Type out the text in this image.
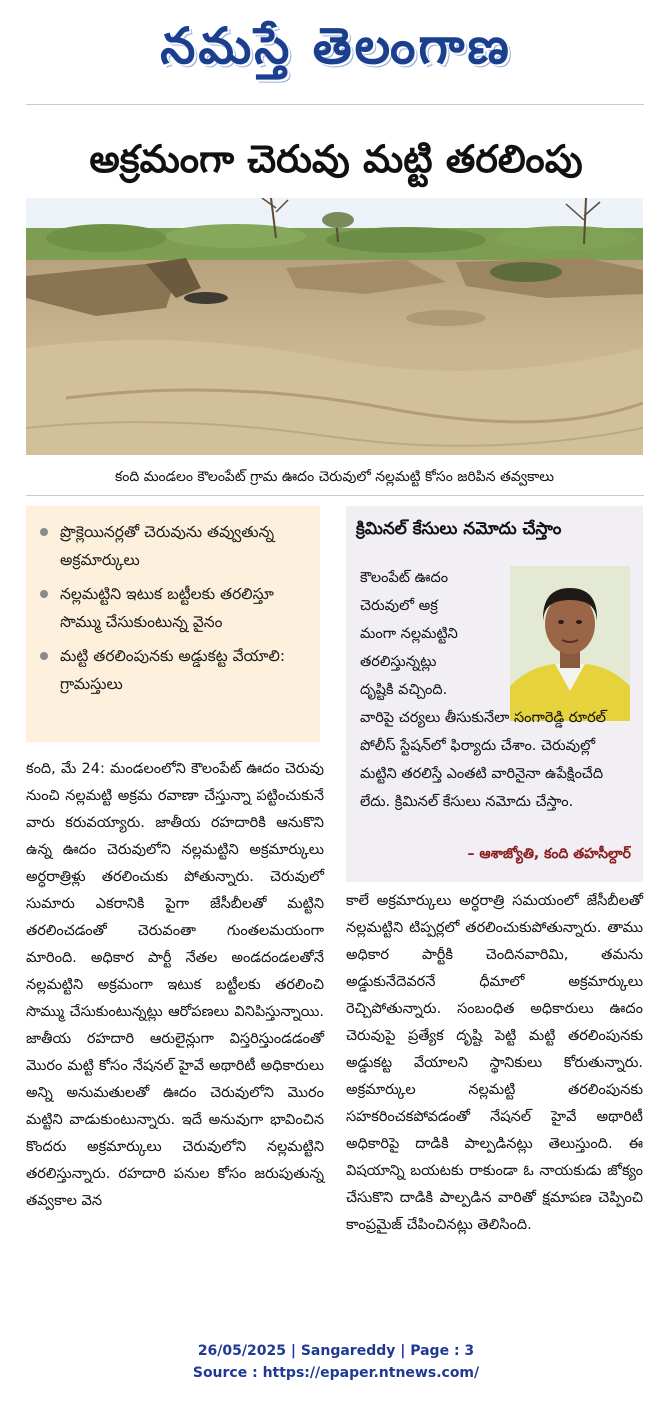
నమస్తే తెలంగాణ
అక్రమంగా చెరువు మట్టి తరలింపు
కంది మండలం కౌలంపేట్ గ్రామ ఊదం చెరువులో నల్లమట్టి కోసం జరిపిన తవ్వకాలు
ప్రొక్లెయినర్లతో చెరువును తవ్వుతున్న అక్రమార్కులు
నల్లమట్టిని ఇటుక బట్టీలకు తరలిస్తూ సొమ్ము చేసుకుంటున్న వైనం
మట్టి తరలింపునకు అడ్డుకట్ట వేయాలి: గ్రామస్తులు
క్రిమినల్ కేసులు నమోదు చేస్తాం

కౌలంపేట్ ఊదం

చెరువులో అక్ర

మంగా నల్లమట్టిని

తరలిస్తున్నట్లు

దృష్టికి వచ్చింది.

వారిపై చర్యలు తీసుకునేలా సంగారెడ్డి రూరల్ పోలీస్ స్టేషన్‌లో ఫిర్యాదు చేశాం. చెరువుల్లో మట్టిని తరలిస్తే ఎంతటి వారినైనా ఉపేక్షించేది లేదు. క్రిమినల్ కేసులు నమోదు చేస్తాం.

– ఆశాజ్యోతి, కంది తహసీల్దార్

కంది, మే 24: మండలంలోని కౌలంపేట్ ఊదం చెరువు నుంచి నల్లమట్టి అక్రమ రవాణా చేస్తున్నా పట్టించుకునే వారు కరువయ్యారు. జాతీయ రహదారికి ఆనుకొని ఉన్న ఊదం చెరువులోని నల్లమట్టిని అక్రమార్కులు అర్ధరాత్రిళ్లు తరలించుకు పోతున్నారు. చెరువులో సుమారు ఎకరానికి పైగా జేసీబీలతో మట్టిని తరలించడంతో చెరువంతా గుంతలమయంగా మారింది. అధికార పార్టీ నేతల అండదండలతోనే నల్లమట్టిని అక్రమంగా ఇటుక బట్టీలకు తరలించి సొమ్ము చేసుకుంటున్నట్లు ఆరోపణలు వినిపిస్తున్నాయి. జాతీయ రహదారి ఆరులైన్లుగా విస్తరిస్తుండడంతో మొరం మట్టి కోసం నేషనల్ హైవే అథారిటీ అధికారులు అన్ని అనుమతులతో ఊదం చెరువులోని మొరం మట్టిని వాడుకుంటున్నారు. ఇదే అనువుగా భావించిన కొందరు అక్రమార్కులు చెరువులోని నల్లమట్టిని తరలిస్తున్నారు. రహదారి పనుల కోసం జరుపుతున్న తవ్వకాల వెన

కాలే అక్రమార్కులు అర్ధరాత్రి సమయంలో జేసీబీలతో నల్లమట్టిని టిప్పర్లలో తరలించుకుపోతున్నారు. తాము అధికార పార్టీకి చెందినవారిమి, తమను అడ్డుకునేదెవరనే ధీమాలో అక్రమార్కులు రెచ్చిపోతున్నారు. సంబంధిత అధికారులు ఊదం చెరువుపై ప్రత్యేక దృష్టి పెట్టి మట్టి తరలింపునకు అడ్డుకట్ట వేయాలని స్థానికులు కోరుతున్నారు. అక్రమార్కుల నల్లమట్టి తరలింపునకు సహకరించకపోవడంతో నేషనల్ హైవే అథారిటీ అధికారిపై దాడికి పాల్పడినట్లు తెలుస్తుంది. ఈ విషయాన్ని బయటకు రాకుండా ఓ నాయకుడు జోక్యం చేసుకొని దాడికి పాల్పడిన వారితో క్షమాపణ చెప్పించి కాంప్రమైజ్ చేపించినట్లు తెలిసింది.

26/05/2025 | Sangareddy | Page : 3
Source : https://epaper.ntnews.com/
